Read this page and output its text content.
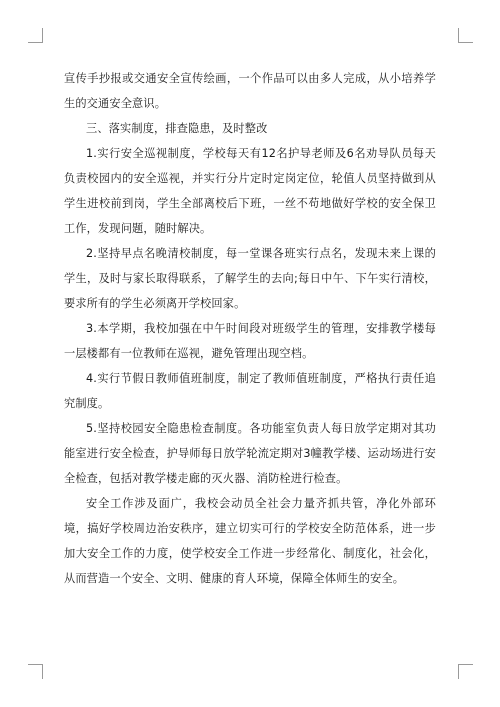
宣传手抄报或交通安全宣传绘画，一个作品可以由多人完成，从小培养学生的交通安全意识。

三、落实制度，排查隐患，及时整改

1.实行安全巡视制度，学校每天有12名护导老师及6名劝导队员每天负责校园内的安全巡视，并实行分片定时定岗定位，轮值人员坚持做到从学生进校前到岗，学生全部离校后下班，一丝不苟地做好学校的安全保卫工作，发现问题，随时解决。

2.坚持早点名晚清校制度，每一堂课各班实行点名，发现未来上课的学生，及时与家长取得联系，了解学生的去向;每日中午、下午实行清校，要求所有的学生必须离开学校回家。

3.本学期，我校加强在中午时间段对班级学生的管理，安排教学楼每一层楼都有一位教师在巡视，避免管理出现空档。

4.实行节假日教师值班制度，制定了教师值班制度，严格执行责任追究制度。

5.坚持校园安全隐患检查制度。各功能室负责人每日放学定期对其功能室进行安全检查，护导师每日放学轮流定期对3幢教学楼、运动场进行安全检查，包括对教学楼走廊的灭火器、消防栓进行检查。

安全工作涉及面广，我校会动员全社会力量齐抓共管，净化外部环境，搞好学校周边治安秩序，建立切实可行的学校安全防范体系，进一步加大安全工作的力度，使学校安全工作进一步经常化、制度化，社会化，从而营造一个安全、文明、健康的育人环境，保障全体师生的安全。
